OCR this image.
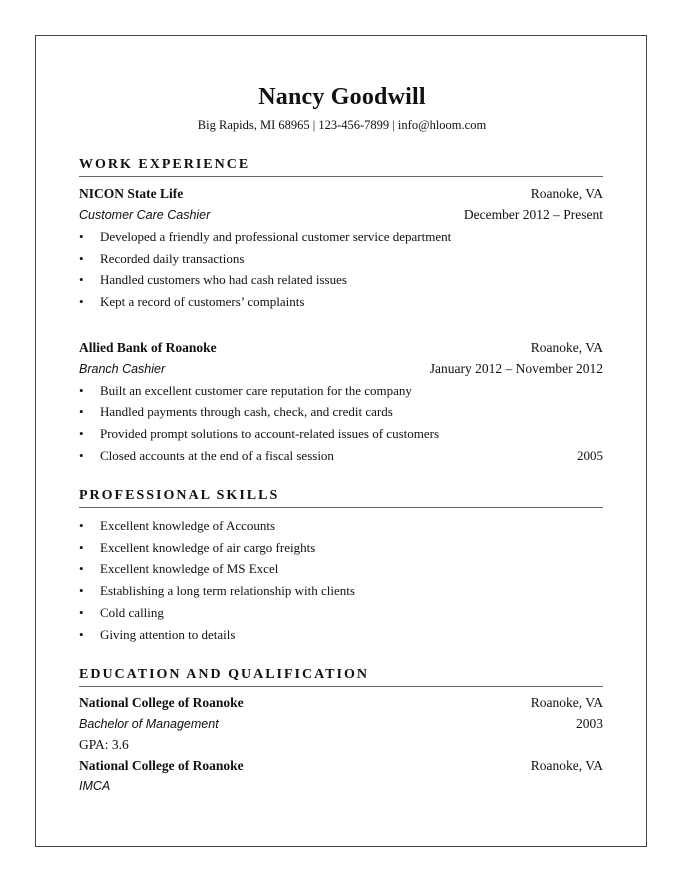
Nancy Goodwill
Big Rapids, MI 68965 | 123-456-7899 | info@hloom.com
WORK EXPERIENCE
NICON State Life	Roanoke, VA
Customer Care Cashier	December 2012 – Present
•	Developed a friendly and professional customer service department
•	Recorded daily transactions
•	Handled customers who had cash related issues
•	Kept a record of customers’ complaints
Allied Bank of Roanoke	Roanoke, VA
Branch Cashier	January 2012 – November 2012
•	Built an excellent customer care reputation for the company
•	Handled payments through cash, check, and credit cards
•	Provided prompt solutions to account-related issues of customers
•	Closed accounts at the end of a fiscal session	2005
PROFESSIONAL SKILLS
•	Excellent knowledge of Accounts
•	Excellent knowledge of air cargo freights
•	Excellent knowledge of MS Excel
•	Establishing a long term relationship with clients
•	Cold calling
•	Giving attention to details
EDUCATION AND QUALIFICATION
National College of Roanoke	Roanoke, VA
Bachelor of Management	2003
GPA: 3.6
National College of Roanoke	Roanoke, VA
IMCA
